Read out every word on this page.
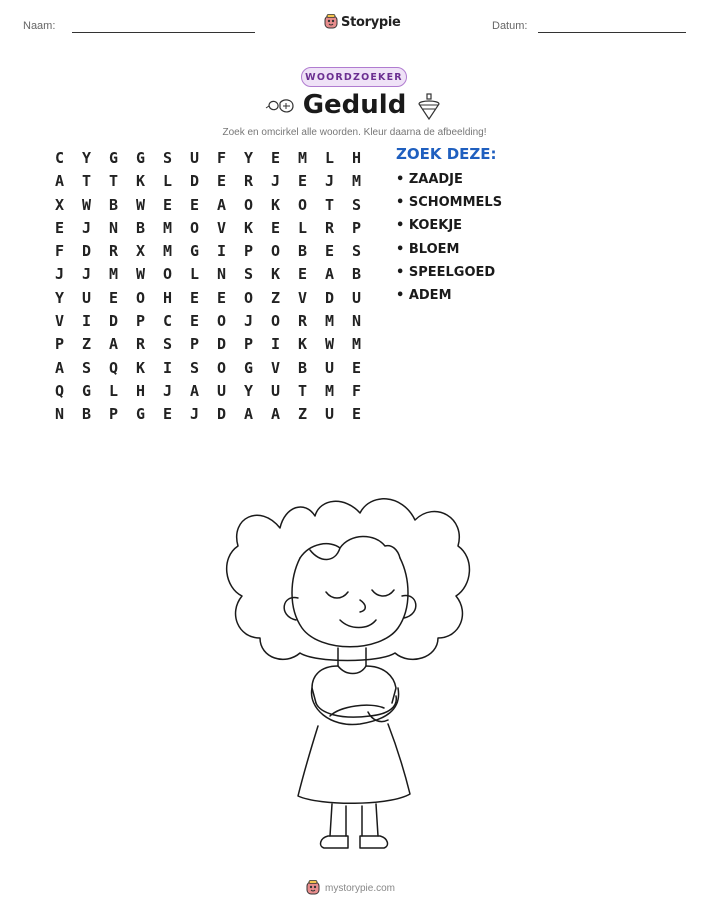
Naam:	Storypie	Datum:
WOORDZOEKER
Geduld
Zoek en omcirkel alle woorden. Kleur daarna de afbeelding!
C	Y	G	G	S	U	F	Y	E	M	L	H
A	T	T	K	L	D	E	R	J	E	J	M
X	W	B	W	E	E	A	O	K	O	T	S
E	J	N	B	M	O	V	K	E	L	R	P
F	D	R	X	M	G	I	P	O	B	E	S
J	J	M	W	O	L	N	S	K	E	A	B
Y	U	E	O	H	E	E	O	Z	V	D	U
V	I	D	P	C	E	O	J	O	R	M	N
P	Z	A	R	S	P	D	P	I	K	W	M
A	S	Q	K	I	S	O	G	V	B	U	E
Q	G	L	H	J	A	U	Y	U	T	M	F
N	B	P	G	E	J	D	A	A	Z	U	E
ZOEK DEZE:
• ZAADJE
• SCHOMMELS
• KOEKJE
• BLOEM
• SPEELGOED
• ADEM
mystorypie.com
